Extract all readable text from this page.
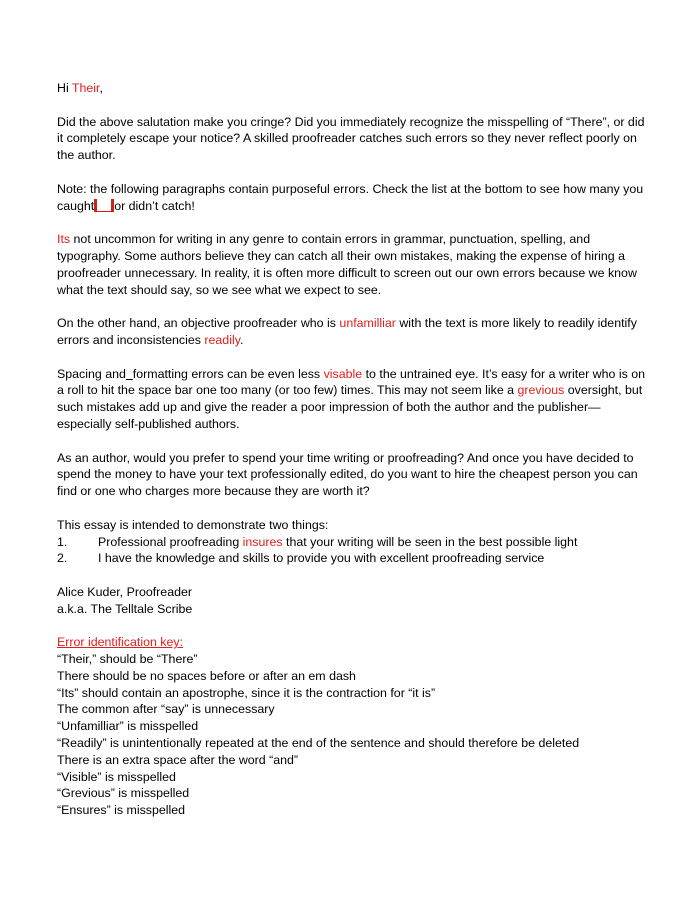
Hi Their,

Did the above salutation make you cringe? Did you immediately recognize the misspelling of “There”, or did it completely escape your notice? A skilled proofreader catches such errors so they never reflect poorly on the author.

Note: the following paragraphs contain purposeful errors. Check the list at the bottom to see how many you caught or didn’t catch!

Its not uncommon for writing in any genre to contain errors in grammar, punctuation, spelling, and typography. Some authors believe they can catch all their own mistakes, making the expense of hiring a proofreader unnecessary. In reality, it is often more difficult to screen out our own errors because we know what the text should say, so we see what we expect to see.

On the other hand, an objective proofreader who is unfamilliar with the text is more likely to readily identify errors and inconsistencies readily.

Spacing and formatting errors can be even less visable to the untrained eye. It’s easy for a writer who is on a roll to hit the space bar one too many (or too few) times. This may not seem like a grevious oversight, but such mistakes add up and give the reader a poor impression of both the author and the publisher—especially self-published authors.

As an author, would you prefer to spend your time writing or proofreading? And once you have decided to spend the money to have your text professionally edited, do you want to hire the cheapest person you can find or one who charges more because they are worth it?

This essay is intended to demonstrate two things:
1.	Professional proofreading insures that your writing will be seen in the best possible light
2.	I have the knowledge and skills to provide you with excellent proofreading service
Alice Kuder, Proofreader
a.k.a. The Telltale Scribe
Error identification key:
“Their,” should be “There”
There should be no spaces before or after an em dash
“Its” should contain an apostrophe, since it is the contraction for “it is”
The common after “say” is unnecessary
“Unfamilliar” is misspelled
“Readily” is unintentionally repeated at the end of the sentence and should therefore be deleted
There is an extra space after the word “and”
“Visible” is misspelled
“Grevious” is misspelled
“Ensures” is misspelled
